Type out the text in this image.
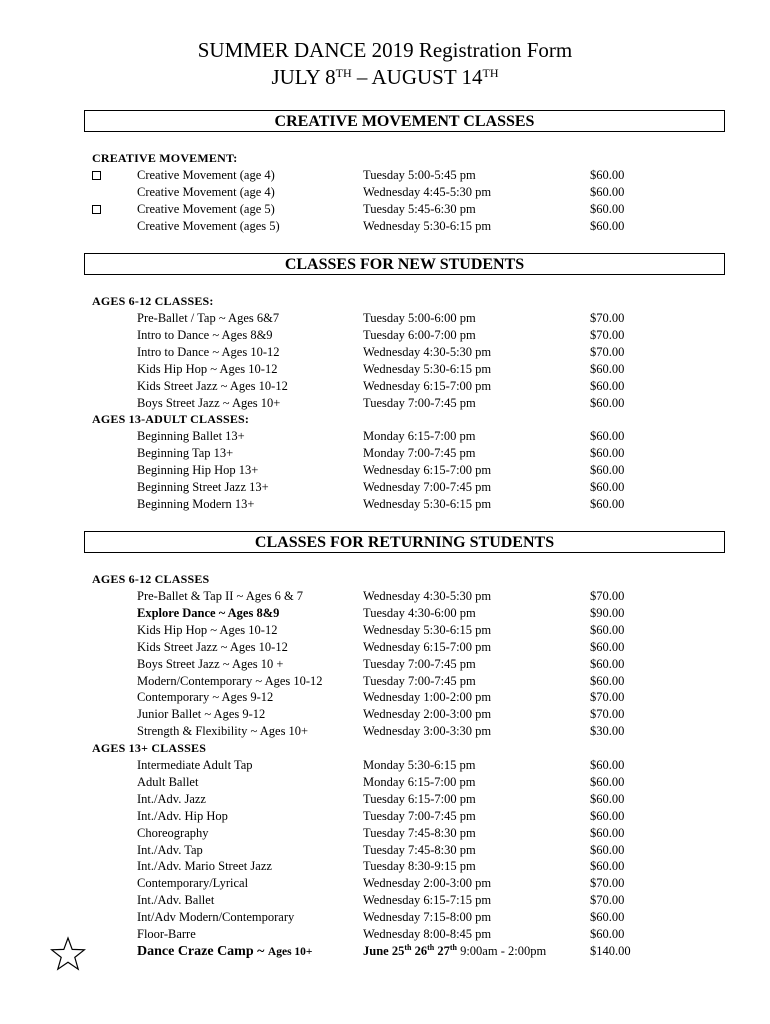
SUMMER DANCE 2019 Registration Form
JULY 8TH – AUGUST 14TH
CREATIVE MOVEMENT CLASSES
CLASSES FOR NEW STUDENTS
CLASSES FOR RETURNING STUDENTS
CREATIVE MOVEMENT:
AGES 6-12 CLASSES:
AGES 13-ADULT CLASSES:
AGES 6-12 CLASSES
AGES 13+ CLASSES
Creative Movement (age 4)	Tuesday 5:00-5:45 pm	$60.00
Creative Movement (age 4)	Wednesday 4:45-5:30 pm	$60.00
Creative Movement (age 5)	Tuesday 5:45-6:30 pm	$60.00
Creative Movement (ages 5)	Wednesday 5:30-6:15 pm	$60.00
Pre-Ballet / Tap ~ Ages 6&7	Tuesday 5:00-6:00 pm	$70.00
Intro to Dance ~ Ages 8&9	Tuesday 6:00-7:00 pm	$70.00
Intro to Dance ~ Ages 10-12	Wednesday 4:30-5:30 pm	$70.00
Kids Hip Hop ~ Ages 10-12	Wednesday 5:30-6:15 pm	$60.00
Kids Street Jazz ~ Ages 10-12	Wednesday 6:15-7:00 pm	$60.00
Boys Street Jazz ~ Ages 10+	Tuesday 7:00-7:45 pm	$60.00
Beginning Ballet 13+	Monday 6:15-7:00 pm	$60.00
Beginning Tap 13+	Monday 7:00-7:45 pm	$60.00
Beginning Hip Hop 13+	Wednesday 6:15-7:00 pm	$60.00
Beginning Street Jazz 13+	Wednesday 7:00-7:45 pm	$60.00
Beginning Modern 13+	Wednesday 5:30-6:15 pm	$60.00
Pre-Ballet & Tap II ~ Ages 6 & 7	Wednesday 4:30-5:30 pm	$70.00
Explore Dance ~ Ages 8&9	Tuesday 4:30-6:00 pm	$90.00
Kids Hip Hop ~ Ages 10-12	Wednesday 5:30-6:15 pm	$60.00
Kids Street Jazz ~ Ages 10-12	Wednesday 6:15-7:00 pm	$60.00
Boys Street Jazz ~ Ages 10 +	Tuesday 7:00-7:45 pm	$60.00
Modern/Contemporary ~ Ages 10-12	Tuesday 7:00-7:45 pm	$60.00
Contemporary ~ Ages 9-12	Wednesday 1:00-2:00 pm	$70.00
Junior Ballet ~ Ages 9-12	Wednesday 2:00-3:00 pm	$70.00
Strength & Flexibility ~ Ages 10+	Wednesday 3:00-3:30 pm	$30.00
Intermediate Adult Tap	Monday 5:30-6:15 pm	$60.00
Adult Ballet	Monday 6:15-7:00 pm	$60.00
Int./Adv. Jazz	Tuesday 6:15-7:00 pm	$60.00
Int./Adv. Hip Hop	Tuesday 7:00-7:45 pm	$60.00
Choreography	Tuesday 7:45-8:30 pm	$60.00
Int./Adv. Tap	Tuesday 7:45-8:30 pm	$60.00
Int./Adv. Mario Street Jazz	Tuesday 8:30-9:15 pm	$60.00
Contemporary/Lyrical	Wednesday 2:00-3:00 pm	$70.00
Int./Adv. Ballet	Wednesday 6:15-7:15 pm	$70.00
Int/Adv Modern/Contemporary	Wednesday 7:15-8:00 pm	$60.00
Floor-Barre	Wednesday 8:00-8:45 pm	$60.00
Dance Craze Camp ~ Ages 10+	June 25th 26th 27th 9:00am - 2:00pm	$140.00
